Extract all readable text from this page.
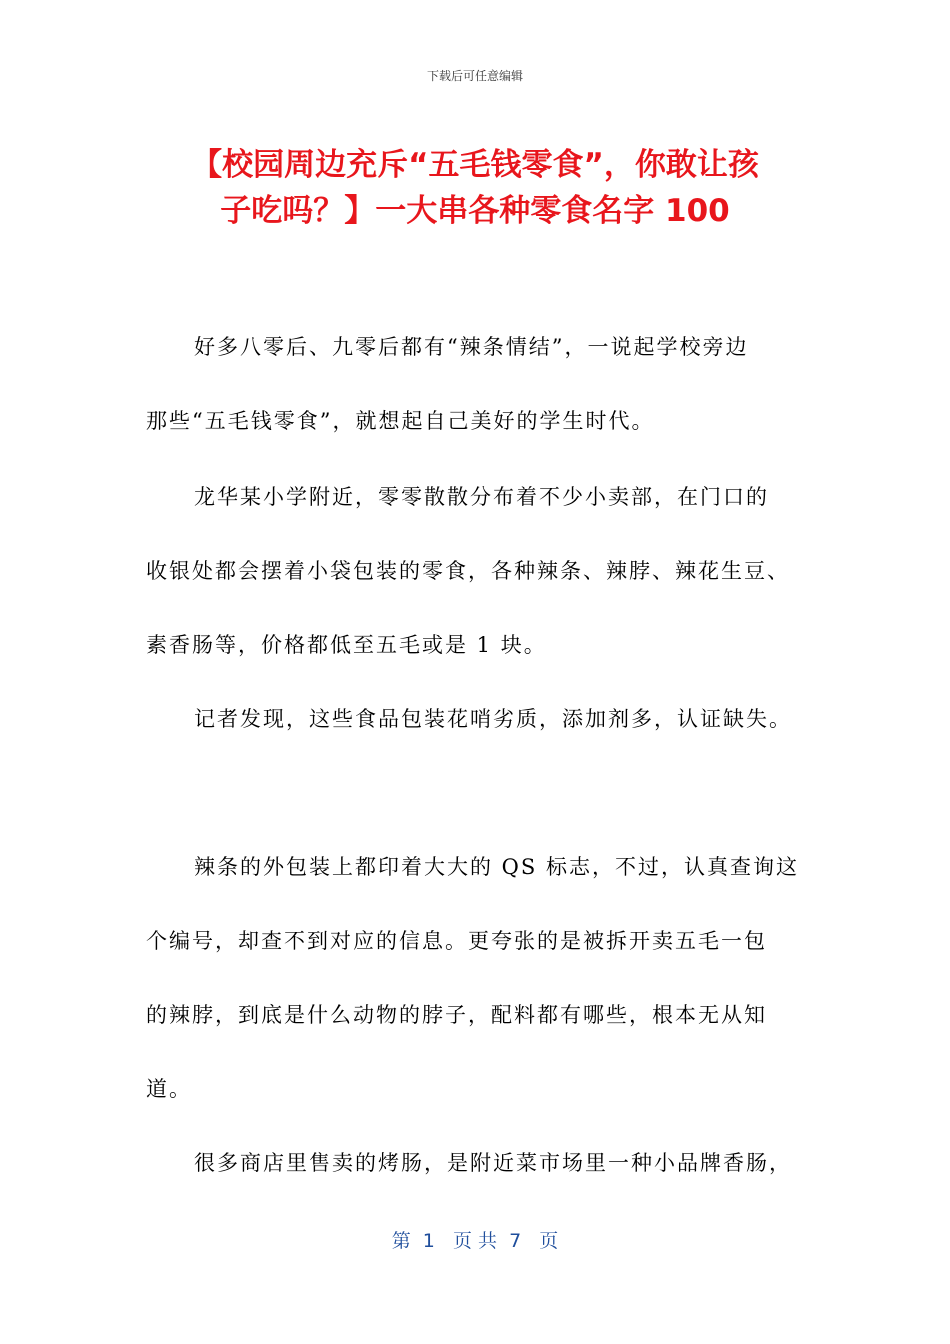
下载后可任意编辑
【校园周边充斥“五毛钱零食”，你敢让孩
子吃吗？】一大串各种零食名字 100
好多八零后、九零后都有“辣条情结”，一说起学校旁边
那些“五毛钱零食”，就想起自己美好的学生时代。
龙华某小学附近，零零散散分布着不少小卖部，在门口的
收银处都会摆着小袋包装的零食，各种辣条、辣脖、辣花生豆、
素香肠等，价格都低至五毛或是 1 块。
记者发现，这些食品包装花哨劣质，添加剂多，认证缺失。
辣条的外包装上都印着大大的 QS 标志，不过，认真查询这
个编号，却查不到对应的信息。更夸张的是被拆开卖五毛一包
的辣脖，到底是什么动物的脖子，配料都有哪些，根本无从知
道。
很多商店里售卖的烤肠，是附近菜市场里一种小品牌香肠，
第  1   页 共  7   页
